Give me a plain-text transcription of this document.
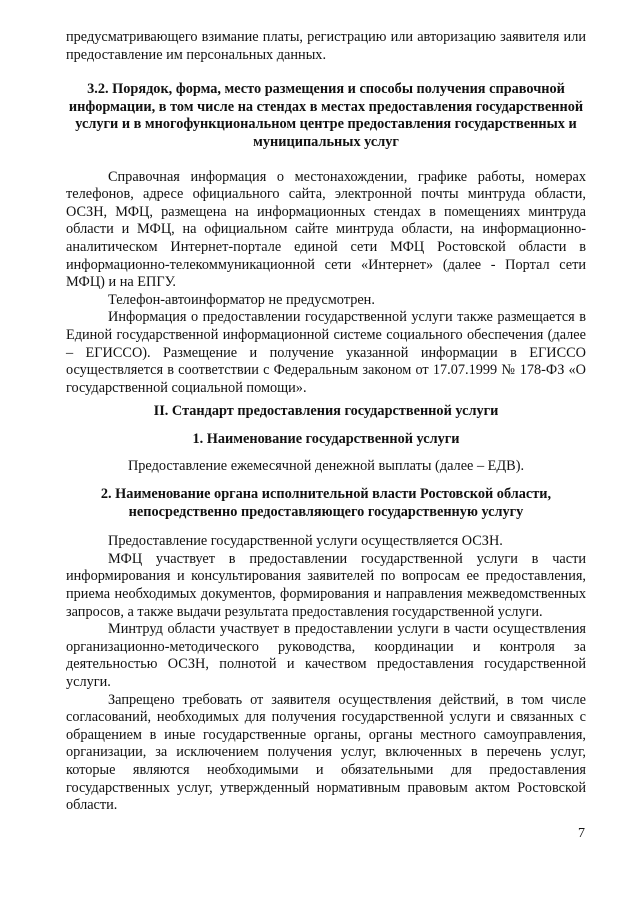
предусматривающего взимание платы, регистрацию или авторизацию заявителя или предоставление им персональных данных.

3.2. Порядок, форма, место размещения и способы получения справочной информации, в том числе на стендах в местах предоставления государственной услуги и в многофункциональном центре предоставления государственных и муниципальных услуг

Справочная информация о местонахождении, графике работы, номерах телефонов, адресе официального сайта, электронной почты минтруда области, ОСЗН, МФЦ, размещена на информационных стендах в помещениях минтруда области и МФЦ, на официальном сайте минтруда области, на информационно-аналитическом Интернет-портале единой сети МФЦ Ростовской области в информационно-телекоммуникационной сети «Интернет» (далее - Портал сети МФЦ) и на ЕПГУ.

Телефон-автоинформатор не предусмотрен.

Информация о предоставлении государственной услуги также размещается в Единой государственной информационной системе социального обеспечения (далее – ЕГИССО). Размещение и получение указанной информации в ЕГИССО осуществляется в соответствии с Федеральным законом от 17.07.1999 № 178-ФЗ «О государственной социальной помощи».

II. Стандарт предоставления государственной услуги

1. Наименование государственной услуги

Предоставление ежемесячной денежной выплаты (далее – ЕДВ).

2. Наименование органа исполнительной власти Ростовской области, непосредственно предоставляющего государственную услугу

Предоставление государственной услуги осуществляется ОСЗН.

МФЦ участвует в предоставлении государственной услуги в части информирования и консультирования заявителей по вопросам ее предоставления, приема необходимых документов, формирования и направления межведомственных запросов, а также выдачи результата предоставления государственной услуги.

Минтруд области участвует в предоставлении услуги в части осуществления организационно-методического руководства, координации и контроля за деятельностью ОСЗН, полнотой и качеством предоставления государственной услуги.

Запрещено требовать от заявителя осуществления действий, в том числе согласований, необходимых для получения государственной услуги и связанных с обращением в иные государственные органы, органы местного самоуправления, организации, за исключением получения услуг, включенных в перечень услуг, которые являются необходимыми и обязательными для предоставления государственных услуг, утвержденный нормативным правовым актом Ростовской области.

7
